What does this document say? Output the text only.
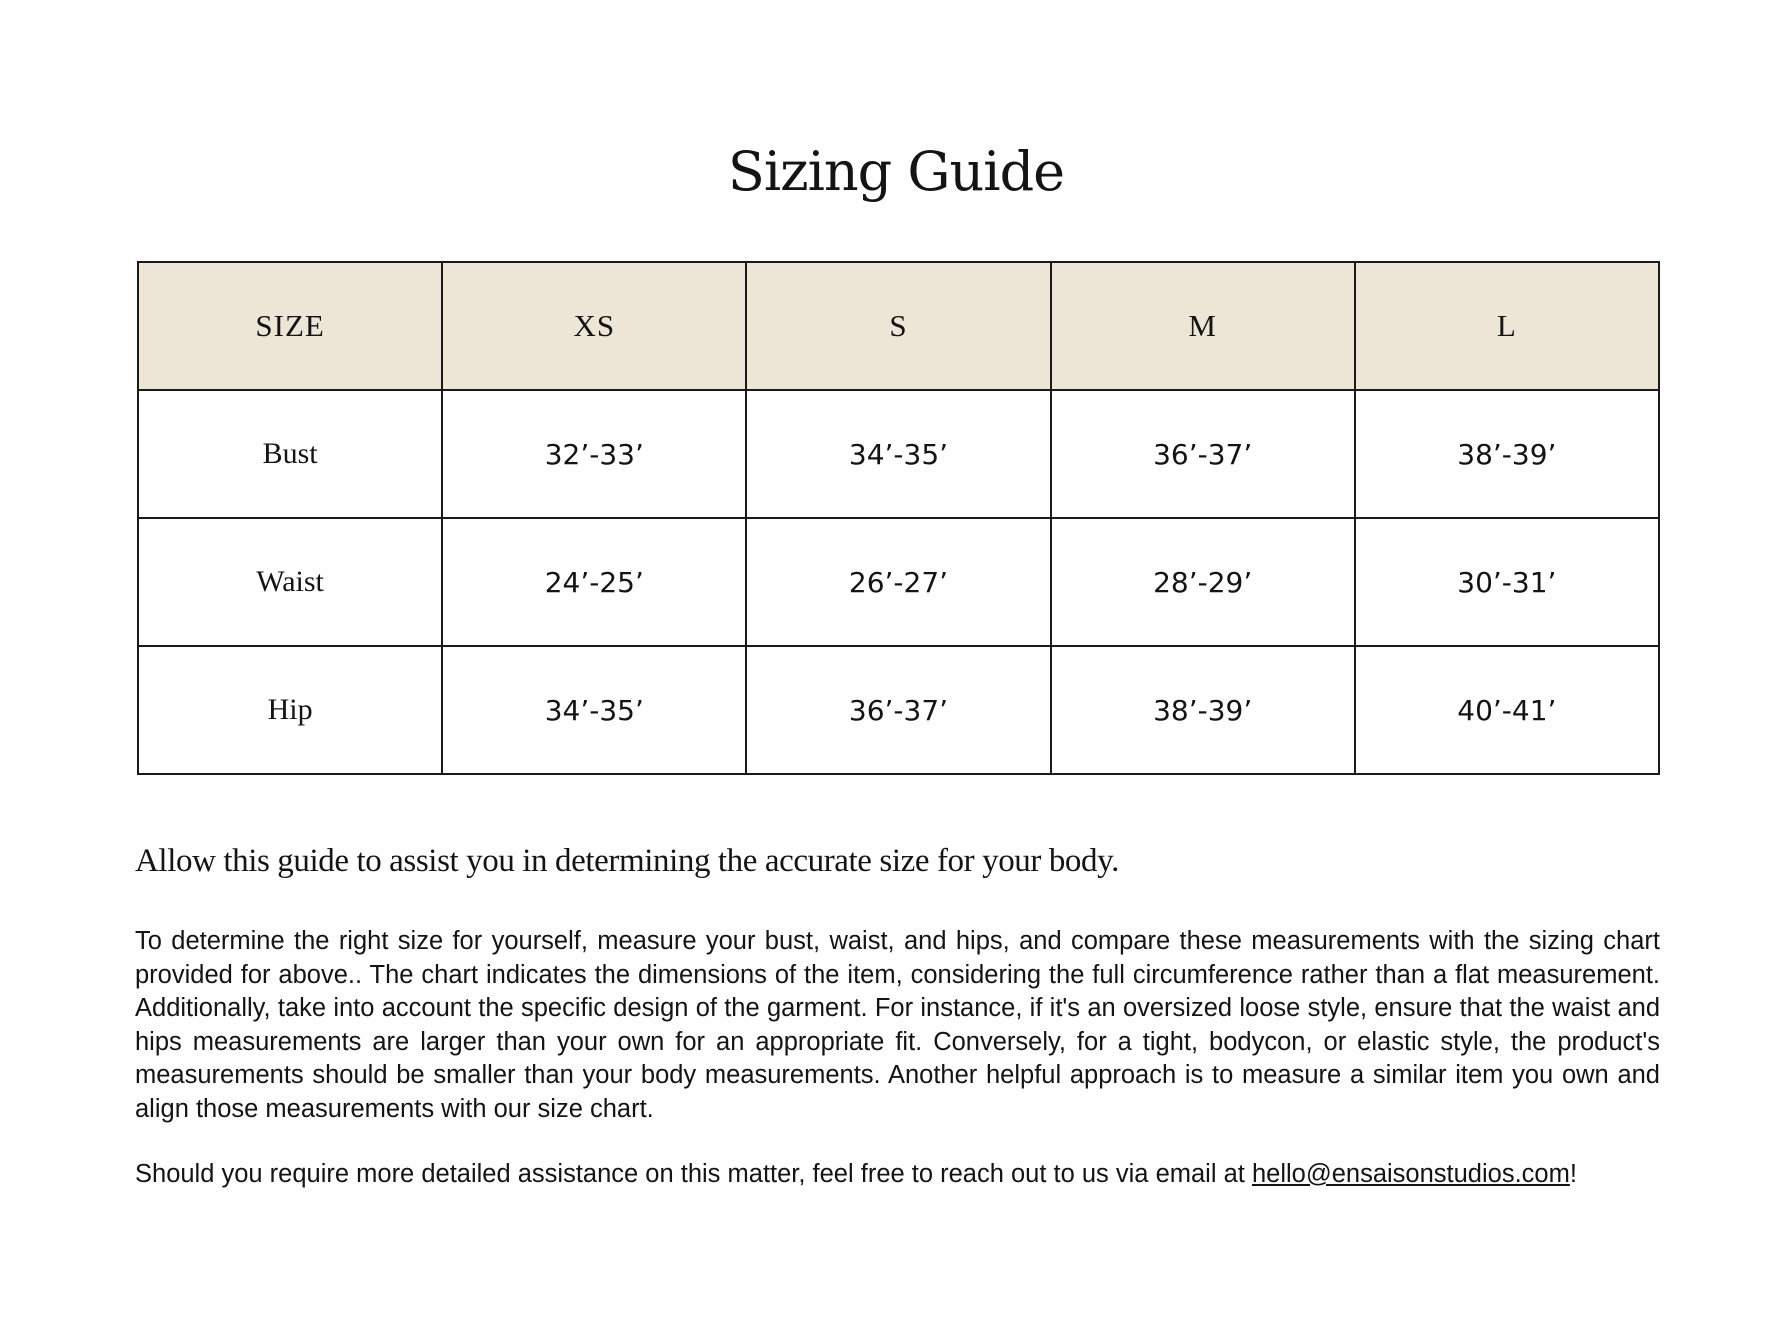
Sizing Guide
SIZE	XS	S	M	L
Bust	32’-33’	34’-35’	36’-37’	38’-39’
Waist	24’-25’	26’-27’	28’-29’	30’-31’
Hip	34’-35’	36’-37’	38’-39’	40’-41’
Allow this guide to assist you in determining the accurate size for your body.

To determine the right size for yourself, measure your bust, waist, and hips, and compare these measurements with the sizing chart provided for above.. The chart indicates the dimensions of the item, considering the full circumference rather than a flat measurement. Additionally, take into account the specific design of the garment. For instance, if it's an oversized loose style, ensure that the waist and hips measurements are larger than your own for an appropriate fit. Conversely, for a tight, bodycon, or elastic style, the product's measurements should be smaller than your body measurements. Another helpful approach is to measure a similar item you own and align those measurements with our size chart.

Should you require more detailed assistance on this matter, feel free to reach out to us via email at hello@ensaisonstudios.com!
